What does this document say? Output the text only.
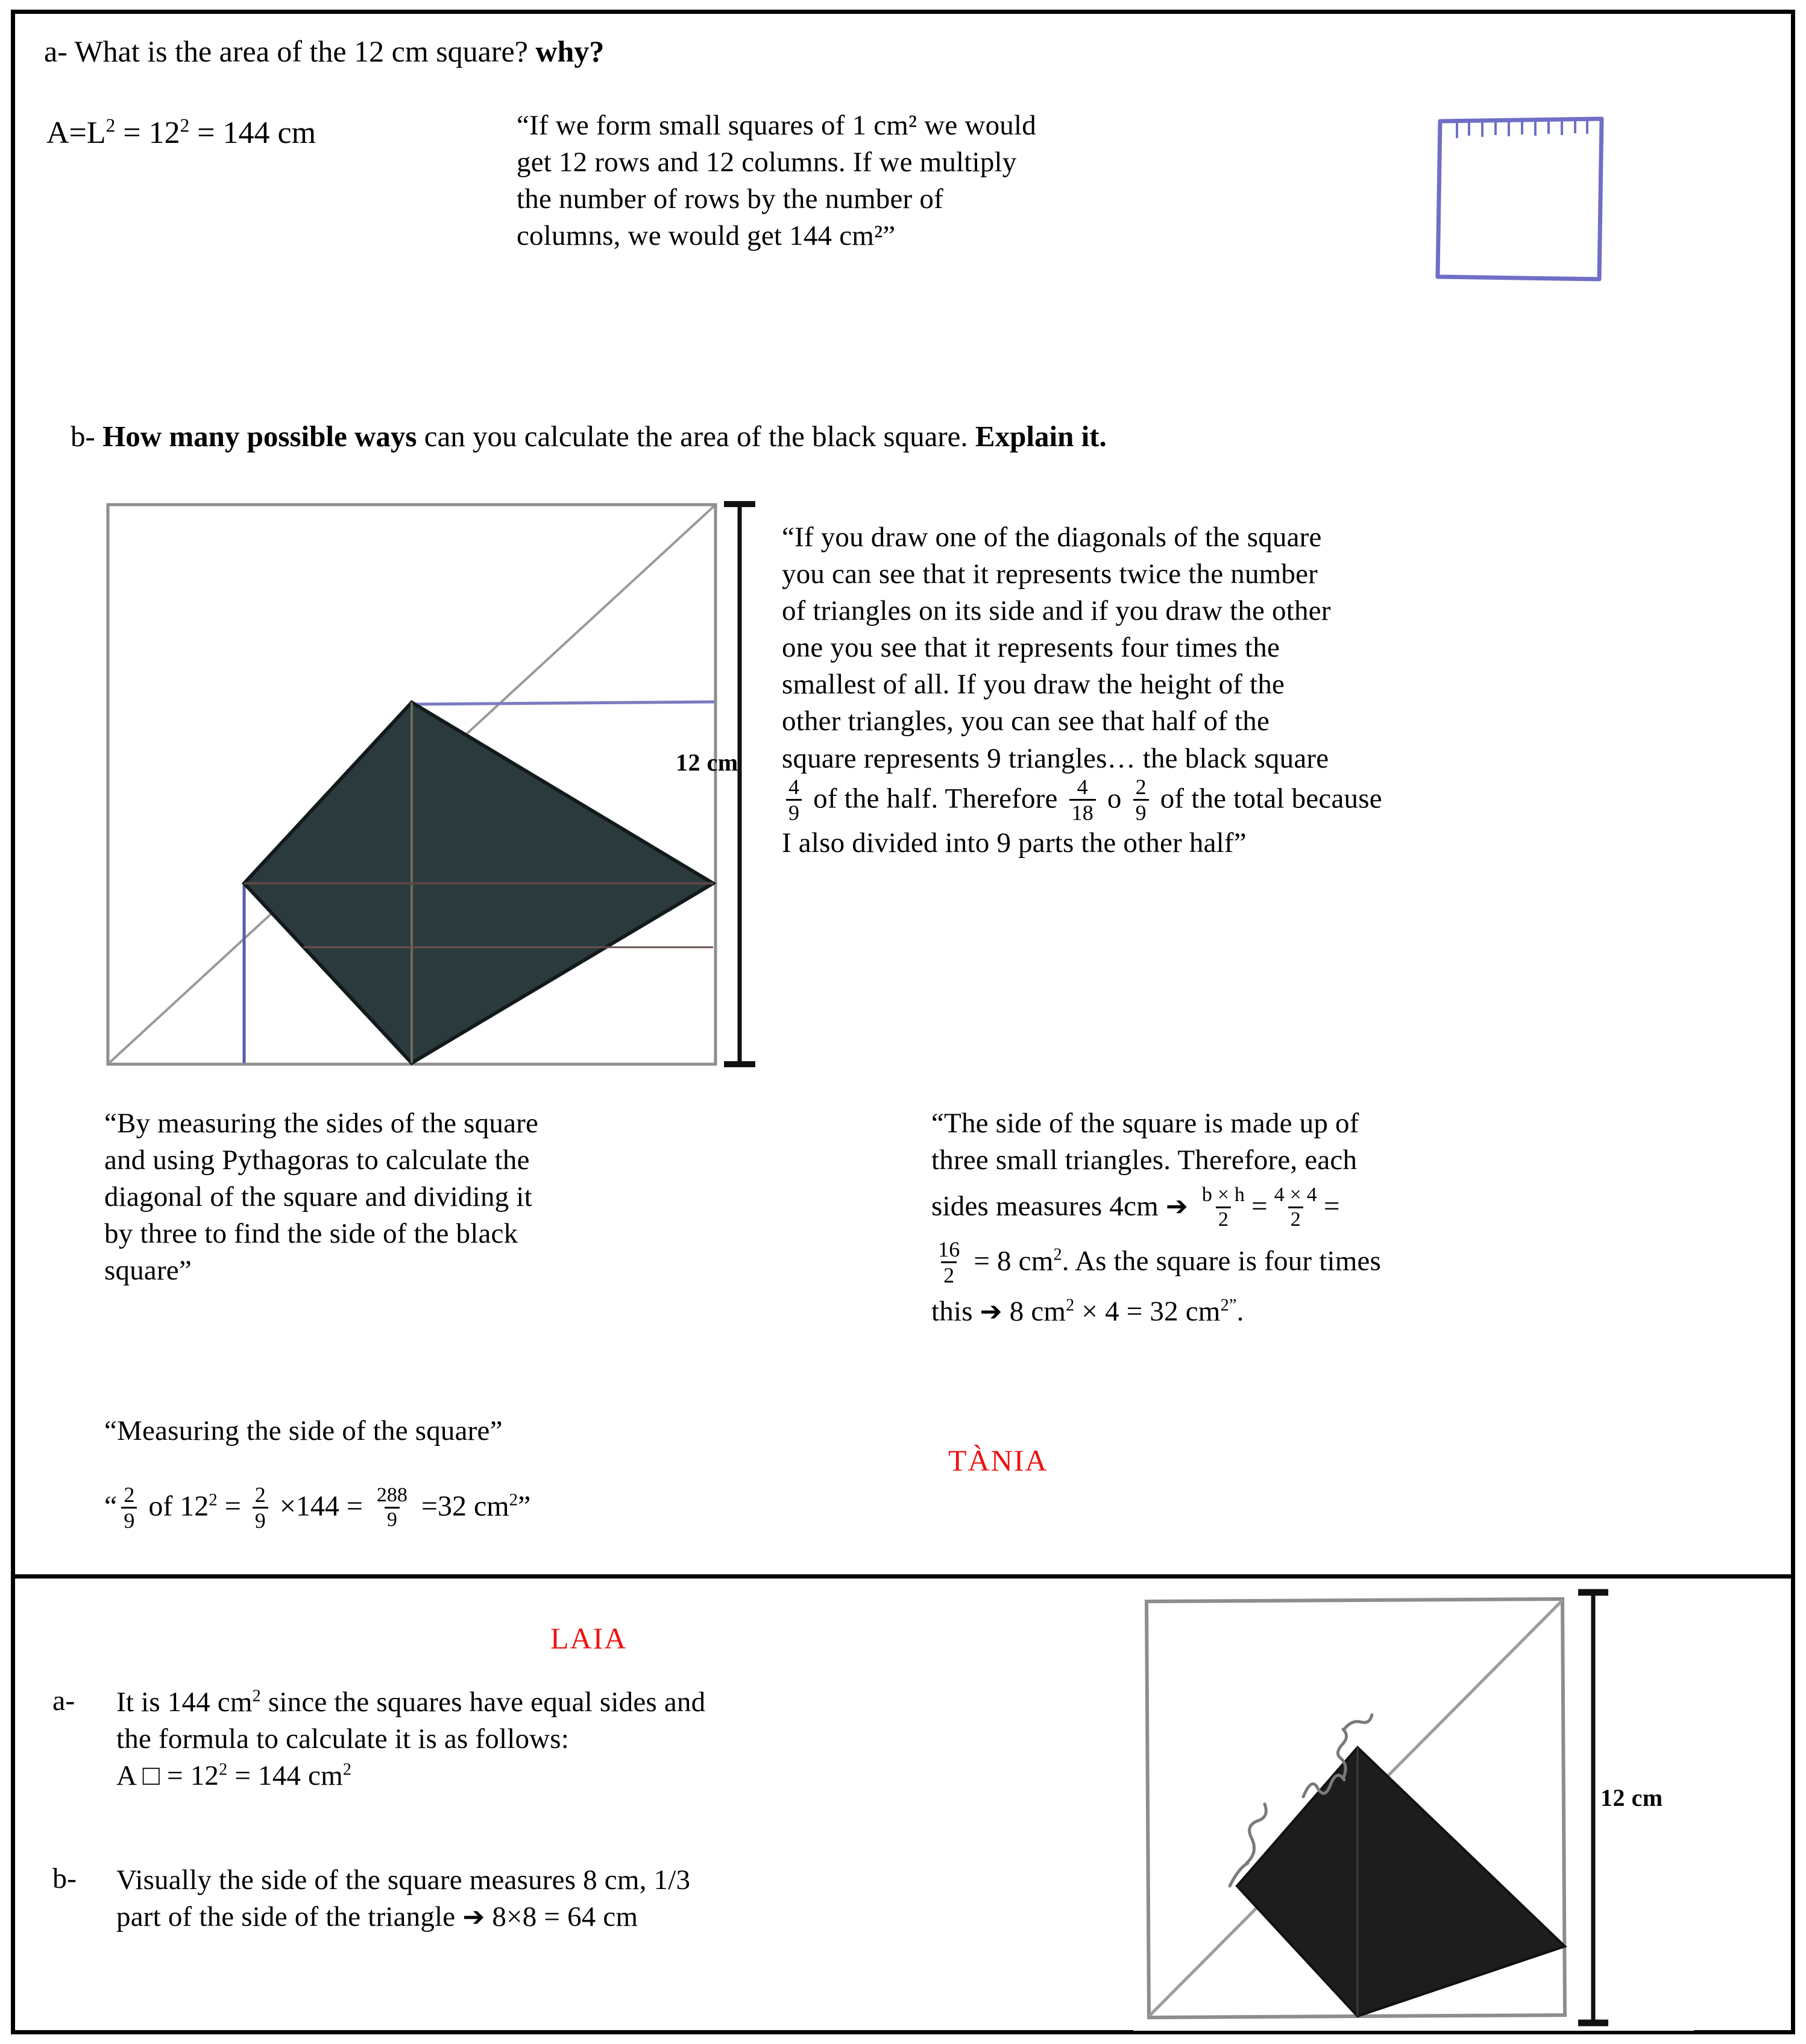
a- What is the area of the 12 cm square? why?
$A=L^2 = 12^2 = 144$ cm	“If we form small squares of 1 cm² we would
get 12 rows and 12 columns. If we multiply
the number of rows by the number of
columns, we would get 144 cm²”
b- How many possible ways can you calculate the area of the black square. Explain it.
12 cm
“If you draw one of the diagonals of the square
you can see that it represents twice the number
of triangles on its side and if you draw the other
one you see that it represents four times the
smallest of all. If you draw the height of the
other triangles, you can see that half of the
square represents 9 triangles… the black square
$\frac{4}{9}$ of the half. Therefore $\frac{4}{18}$ o $\frac{2}{9}$ of the total because
I also divided into 9 parts the other half”
“By measuring the sides of the square
and using Pythagoras to calculate the
diagonal of the square and dividing it
by three to find the side of the black
square”
“Measuring the side of the square”
“ $\frac{2}{9}$ of $12^2 = \frac{2}{9} \times 144 = \frac{288}{9} =32$ $cm^2$”
“The side of the square is made up of
three small triangles. Therefore, each
sides measures 4cm ➔ $\frac{b \times h}{2} = \frac{4 \times 4}{2}$ =
$\frac{16}{2} = 8$ $cm^2$. As the square is four times
this ➔ 8 $cm^2 \times 4 = 32$ $cm^{2”}$.
TÀNIA
LAIA
a- It is 144 $cm^2$ since the squares have equal sides and
the formula to calculate it is as follows:
A □ = $12^2 = 144$ $cm^2$
b- Visually the side of the square measures 8 cm, 1/3
part of the side of the triangle ➔ 8×8 = 64 cm
12 cm
